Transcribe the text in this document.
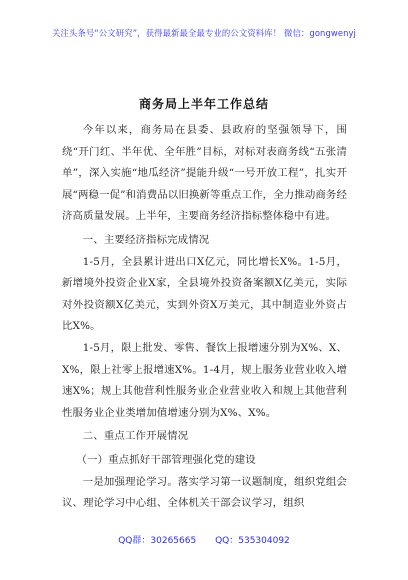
关注头条号“公文研究”，获得最新最全最专业的公文资料库！ 微信：gongwenyj
商务局上半年工作总结

今年以来，商务局在县委、县政府的坚强领导下，围绕“开门红、半年优、全年胜”目标，对标对表商务线“五张清单”，深入实施“地瓜经济”提能升级“一号开放工程”，扎实开展“两稳一促”和消费品以旧换新等重点工作，全力推动商务经济高质量发展。上半年，主要商务经济指标整体稳中有进。

一、主要经济指标完成情况

1-5月，全县累计进出口X亿元，同比增长X%。1-5月，新增境外投资企业X家，全县境外投资备案额X亿美元，实际对外投资额X亿美元，实到外资X万美元，其中制造业外资占比X%。

1-5月，限上批发、零售、餐饮上报增速分别为X%、X、X%，限上社零上报增速X%。1-4月，规上服务业营业收入增速X%；规上其他营利性服务业企业营业收入和规上其他营利性服务业企业类增加值增速分别为X%、X%。

二、重点工作开展情况

（一）重点抓好干部管理强化党的建设

一是加强理论学习。落实学习第一议题制度，组织党组会议、理论学习中心组、全体机关干部会议学习，组织

QQ群：30265665 QQ：535304092
